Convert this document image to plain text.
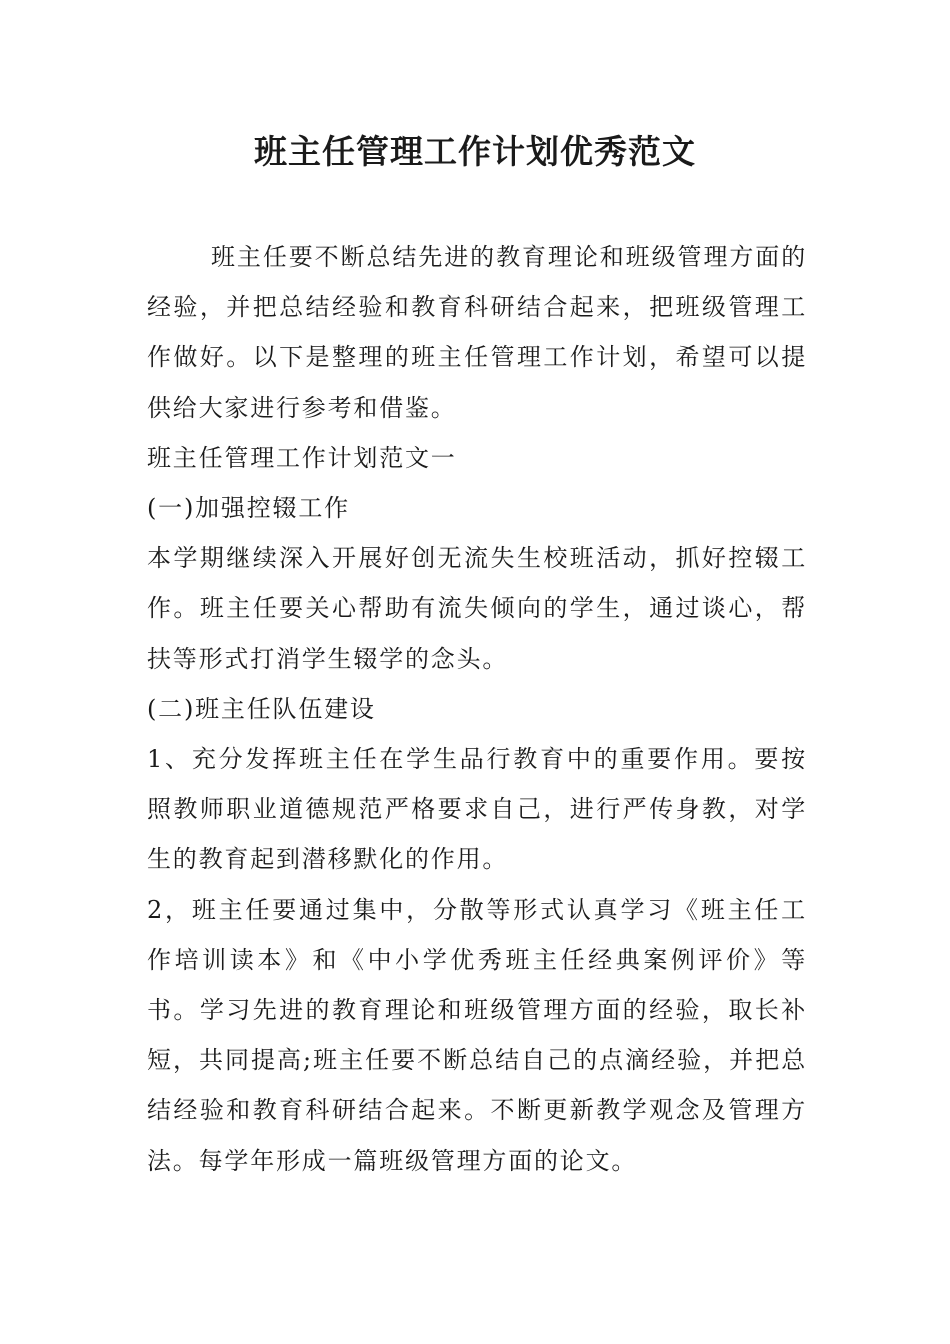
班主任管理工作计划优秀范文

班主任要不断总结先进的教育理论和班级管理方面的经验，并把总结经验和教育科研结合起来，把班级管理工作做好。以下是整理的班主任管理工作计划，希望可以提供给大家进行参考和借鉴。

班主任管理工作计划范文一

(一)加强控辍工作

本学期继续深入开展好创无流失生校班活动，抓好控辍工作。班主任要关心帮助有流失倾向的学生，通过谈心，帮扶等形式打消学生辍学的念头。

(二)班主任队伍建设

1、充分发挥班主任在学生品行教育中的重要作用。要按照教师职业道德规范严格要求自己，进行严传身教，对学生的教育起到潜移默化的作用。

2，班主任要通过集中，分散等形式认真学习《班主任工作培训读本》和《中小学优秀班主任经典案例评价》等书。学习先进的教育理论和班级管理方面的经验，取长补短，共同提高;班主任要不断总结自己的点滴经验，并把总结经验和教育科研结合起来。不断更新教学观念及管理方法。每学年形成一篇班级管理方面的论文。
